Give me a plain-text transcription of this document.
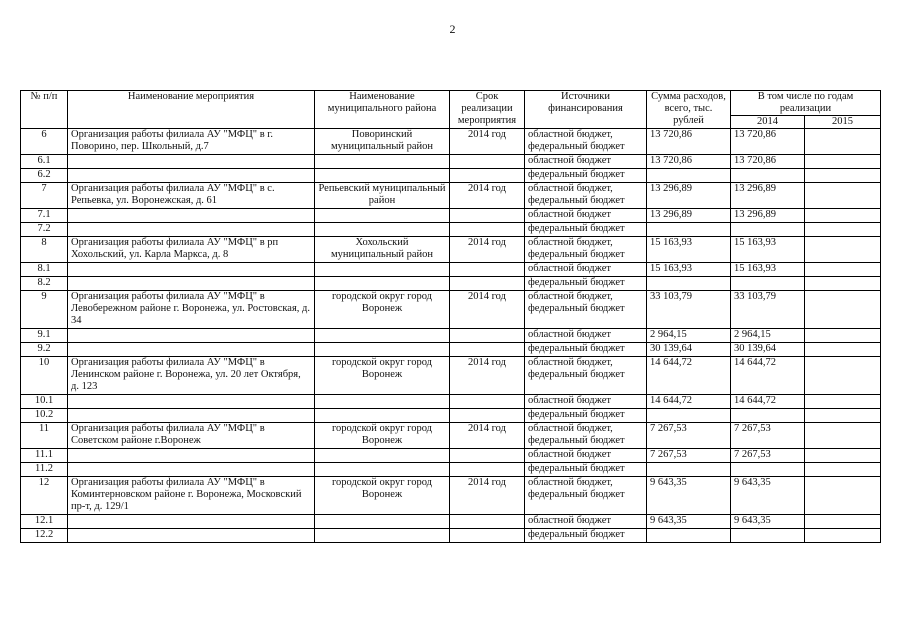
2
№ п/п	Наименование мероприятия	Наименование муниципального района	Срок реализации мероприятия	Источники финансирования	Сумма расходов, всего, тыс. рублей	В том числе по годам реализации	
						2014	2015
6	Организация работы филиала АУ "МФЦ" в г. Поворино, пер. Школьный, д.7	Поворинский муниципальный район	2014 год	областной бюджет, федеральный бюджет	13 720,86	13 720,86	
6.1				областной бюджет	13 720,86	13 720,86	
6.2				федеральный бюджет			
7	Организация работы филиала АУ "МФЦ" в с. Репьевка, ул. Воронежская, д. 61	Репьевский муниципальный район	2014 год	областной бюджет, федеральный бюджет	13 296,89	13 296,89	
7.1				областной бюджет	13 296,89	13 296,89	
7.2				федеральный бюджет			
8	Организация работы филиала АУ "МФЦ" в рп Хохольский, ул. Карла Маркса, д. 8	Хохольский муниципальный район	2014 год	областной бюджет, федеральный бюджет	15 163,93	15 163,93	
8.1				областной бюджет	15 163,93	15 163,93	
8.2				федеральный бюджет			
9	Организация работы филиала АУ "МФЦ" в Левобережном районе г. Воронежа, ул. Ростовская, д. 34	городской округ город Воронеж	2014 год	областной бюджет, федеральный бюджет	33 103,79	33 103,79	
9.1				областной бюджет	2 964,15	2 964,15	
9.2				федеральный бюджет	30 139,64	30 139,64	
10	Организация работы филиала АУ "МФЦ" в Ленинском районе г. Воронежа, ул. 20 лет Октября, д. 123	городской округ город Воронеж	2014 год	областной бюджет, федеральный бюджет	14 644,72	14 644,72	
10.1				областной бюджет	14 644,72	14 644,72	
10.2				федеральный бюджет			
11	Организация работы филиала АУ "МФЦ" в Советском районе г.Воронеж	городской округ город Воронеж	2014 год	областной бюджет, федеральный бюджет	7 267,53	7 267,53	
11.1				областной бюджет	7 267,53	7 267,53	
11.2				федеральный бюджет			
12	Организация работы филиала АУ "МФЦ" в Коминтерновском районе г. Воронежа, Московский пр-т, д. 129/1	городской округ город Воронеж	2014 год	областной бюджет, федеральный бюджет	9 643,35	9 643,35	
12.1				областной бюджет	9 643,35	9 643,35	
12.2				федеральный бюджет			
